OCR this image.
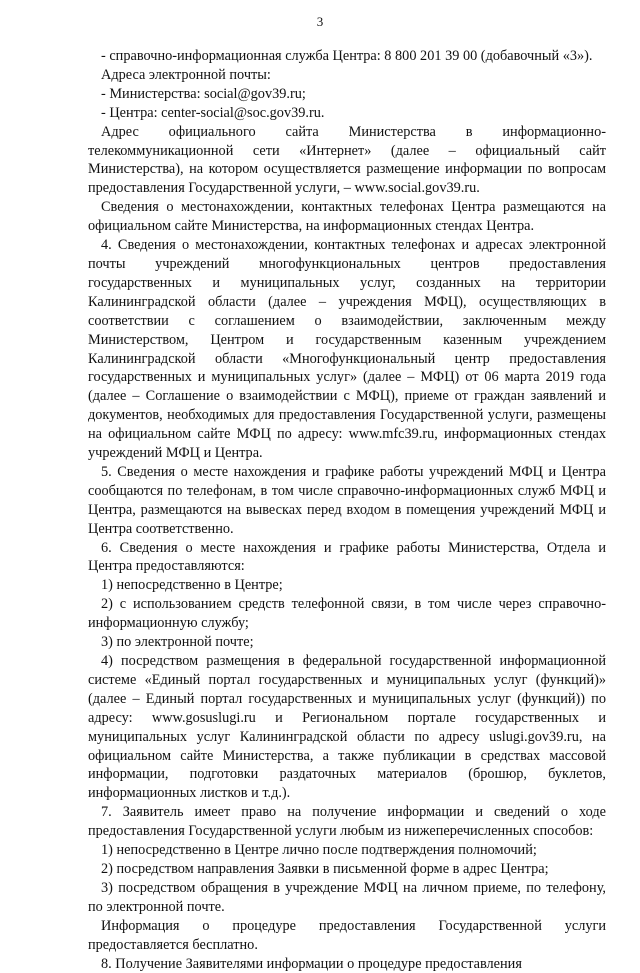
3

- справочно-информационная служба Центра: 8 800 201 39 00 (добавочный «3»).

Адреса электронной почты:

- Министерства: social@gov39.ru;

- Центра: center-social@soc.gov39.ru.

Адрес официального сайта Министерства в информационно-телекоммуникационной сети «Интернет» (далее – официальный сайт Министерства), на котором осуществляется размещение информации по вопросам предоставления Государственной услуги, – www.social.gov39.ru.

Сведения о местонахождении, контактных телефонах Центра размещаются на официальном сайте Министерства, на информационных стендах Центра.

4. Сведения о местонахождении, контактных телефонах и адресах электронной почты учреждений многофункциональных центров предоставления государственных и муниципальных услуг, созданных на территории Калининградской области (далее – учреждения МФЦ), осуществляющих в соответствии с соглашением о взаимодействии, заключенным между Министерством, Центром и государственным казенным учреждением Калининградской области «Многофункциональный центр предоставления государственных и муниципальных услуг» (далее – МФЦ) от 06 марта 2019 года (далее – Соглашение о взаимодействии с МФЦ), приеме от граждан заявлений и документов, необходимых для предоставления Государственной услуги, размещены на официальном сайте МФЦ по адресу: www.mfc39.ru, информационных стендах учреждений МФЦ и Центра.

5. Сведения о месте нахождения и графике работы учреждений МФЦ и Центра сообщаются по телефонам, в том числе справочно-информационных служб МФЦ и Центра, размещаются на вывесках перед входом в помещения учреждений МФЦ и Центра соответственно.

6. Сведения о месте нахождения и графике работы Министерства, Отдела и Центра предоставляются:

1) непосредственно в Центре;

2) с использованием средств телефонной связи, в том числе через справочно-информационную службу;

3) по электронной почте;

4) посредством размещения в федеральной государственной информационной системе «Единый портал государственных и муниципальных услуг (функций)» (далее – Единый портал государственных и муниципальных услуг (функций)) по адресу: www.gosuslugi.ru и Региональном портале государственных и муниципальных услуг Калининградской области по адресу uslugi.gov39.ru, на официальном сайте Министерства, а также публикации в средствах массовой информации, подготовки раздаточных материалов (брошюр, буклетов, информационных листков и т.д.).

7. Заявитель имеет право на получение информации и сведений о ходе предоставления Государственной услуги любым из нижеперечисленных способов:

1) непосредственно в Центре лично после подтверждения полномочий;

2) посредством направления Заявки в письменной форме в адрес Центра;

3) посредством обращения в учреждение МФЦ на личном приеме, по телефону, по электронной почте.

Информация о процедуре предоставления Государственной услуги предоставляется бесплатно.

8. Получение Заявителями информации о процедуре предоставления
